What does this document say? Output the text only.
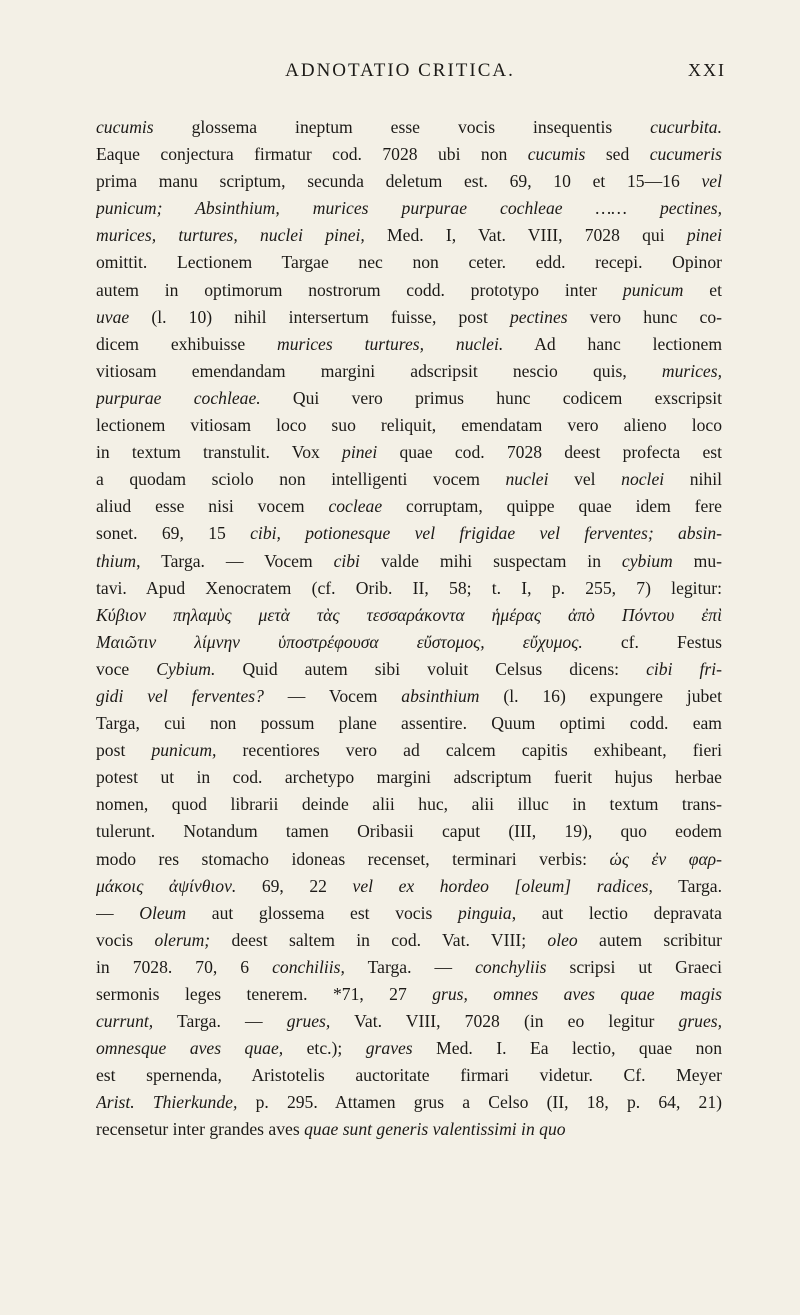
ADNOTATIO CRITICA.	XXI
cucumis glossema ineptum esse vocis insequentis cucurbita.
Eaque conjectura firmatur cod. 7028 ubi non cucumis sed cucumeris
prima manu scriptum, secunda deletum est. 69, 10 et 15—16 vel
punicum; Absinthium, murices purpurae cochleae …… pectines,
murices, turtures, nuclei pinei, Med. I, Vat. VIII, 7028 qui pinei
omittit. Lectionem Targae nec non ceter. edd. recepi. Opinor
autem in optimorum nostrorum codd. prototypo inter punicum et
uvae (l. 10) nihil intersertum fuisse, post pectines vero hunc co-
dicem exhibuisse murices turtures, nuclei. Ad hanc lectionem
vitiosam emendandam margini adscripsit nescio quis, murices,
purpurae cochleae. Qui vero primus hunc codicem exscripsit
lectionem vitiosam loco suo reliquit, emendatam vero alieno loco
in textum transtulit. Vox pinei quae cod. 7028 deest profecta est
a quodam sciolo non intelligenti vocem nuclei vel noclei nihil
aliud esse nisi vocem cocleae corruptam, quippe quae idem fere
sonet. 69, 15 cibi, potionesque vel frigidae vel ferventes; absin-
thium, Targa. — Vocem cibi valde mihi suspectam in cybium mu-
tavi. Apud Xenocratem (cf. Orib. II, 58; t. I, p. 255, 7) legitur:
Κύβιον πηλαμὺς μετὰ τὰς τεσσαράκοντα ἡμέρας ἀπὸ Πόντου ἐπὶ
Μαιῶτιν λίμνην ὑποστρέφουσα εὔστομος, εὔχυμος. cf. Festus
voce Cybium. Quid autem sibi voluit Celsus dicens: cibi fri-
gidi vel ferventes? — Vocem absinthium (l. 16) expungere jubet
Targa, cui non possum plane assentire. Quum optimi codd. eam
post punicum, recentiores vero ad calcem capitis exhibeant, fieri
potest ut in cod. archetypo margini adscriptum fuerit hujus herbae
nomen, quod librarii deinde alii huc, alii illuc in textum trans-
tulerunt. Notandum tamen Oribasii caput (III, 19), quo eodem
modo res stomacho idoneas recenset, terminari verbis: ὡς ἐν φαρ-
μάκοις ἀψίνθιον. 69, 22 vel ex hordeo [oleum] radices, Targa.
— Oleum aut glossema est vocis pinguia, aut lectio depravata
vocis olerum; deest saltem in cod. Vat. VIII; oleo autem scribitur
in 7028. 70, 6 conchiliis, Targa. — conchyliis scripsi ut Graeci
sermonis leges tenerem. *71, 27 grus, omnes aves quae magis
currunt, Targa. — grues, Vat. VIII, 7028 (in eo legitur grues,
omnesque aves quae, etc.); graves Med. I. Ea lectio, quae non
est spernenda, Aristotelis auctoritate firmari videtur. Cf. Meyer
Arist. Thierkunde, p. 295. Attamen grus a Celso (II, 18, p. 64, 21)
recensetur inter grandes aves quae sunt generis valentissimi in quo
